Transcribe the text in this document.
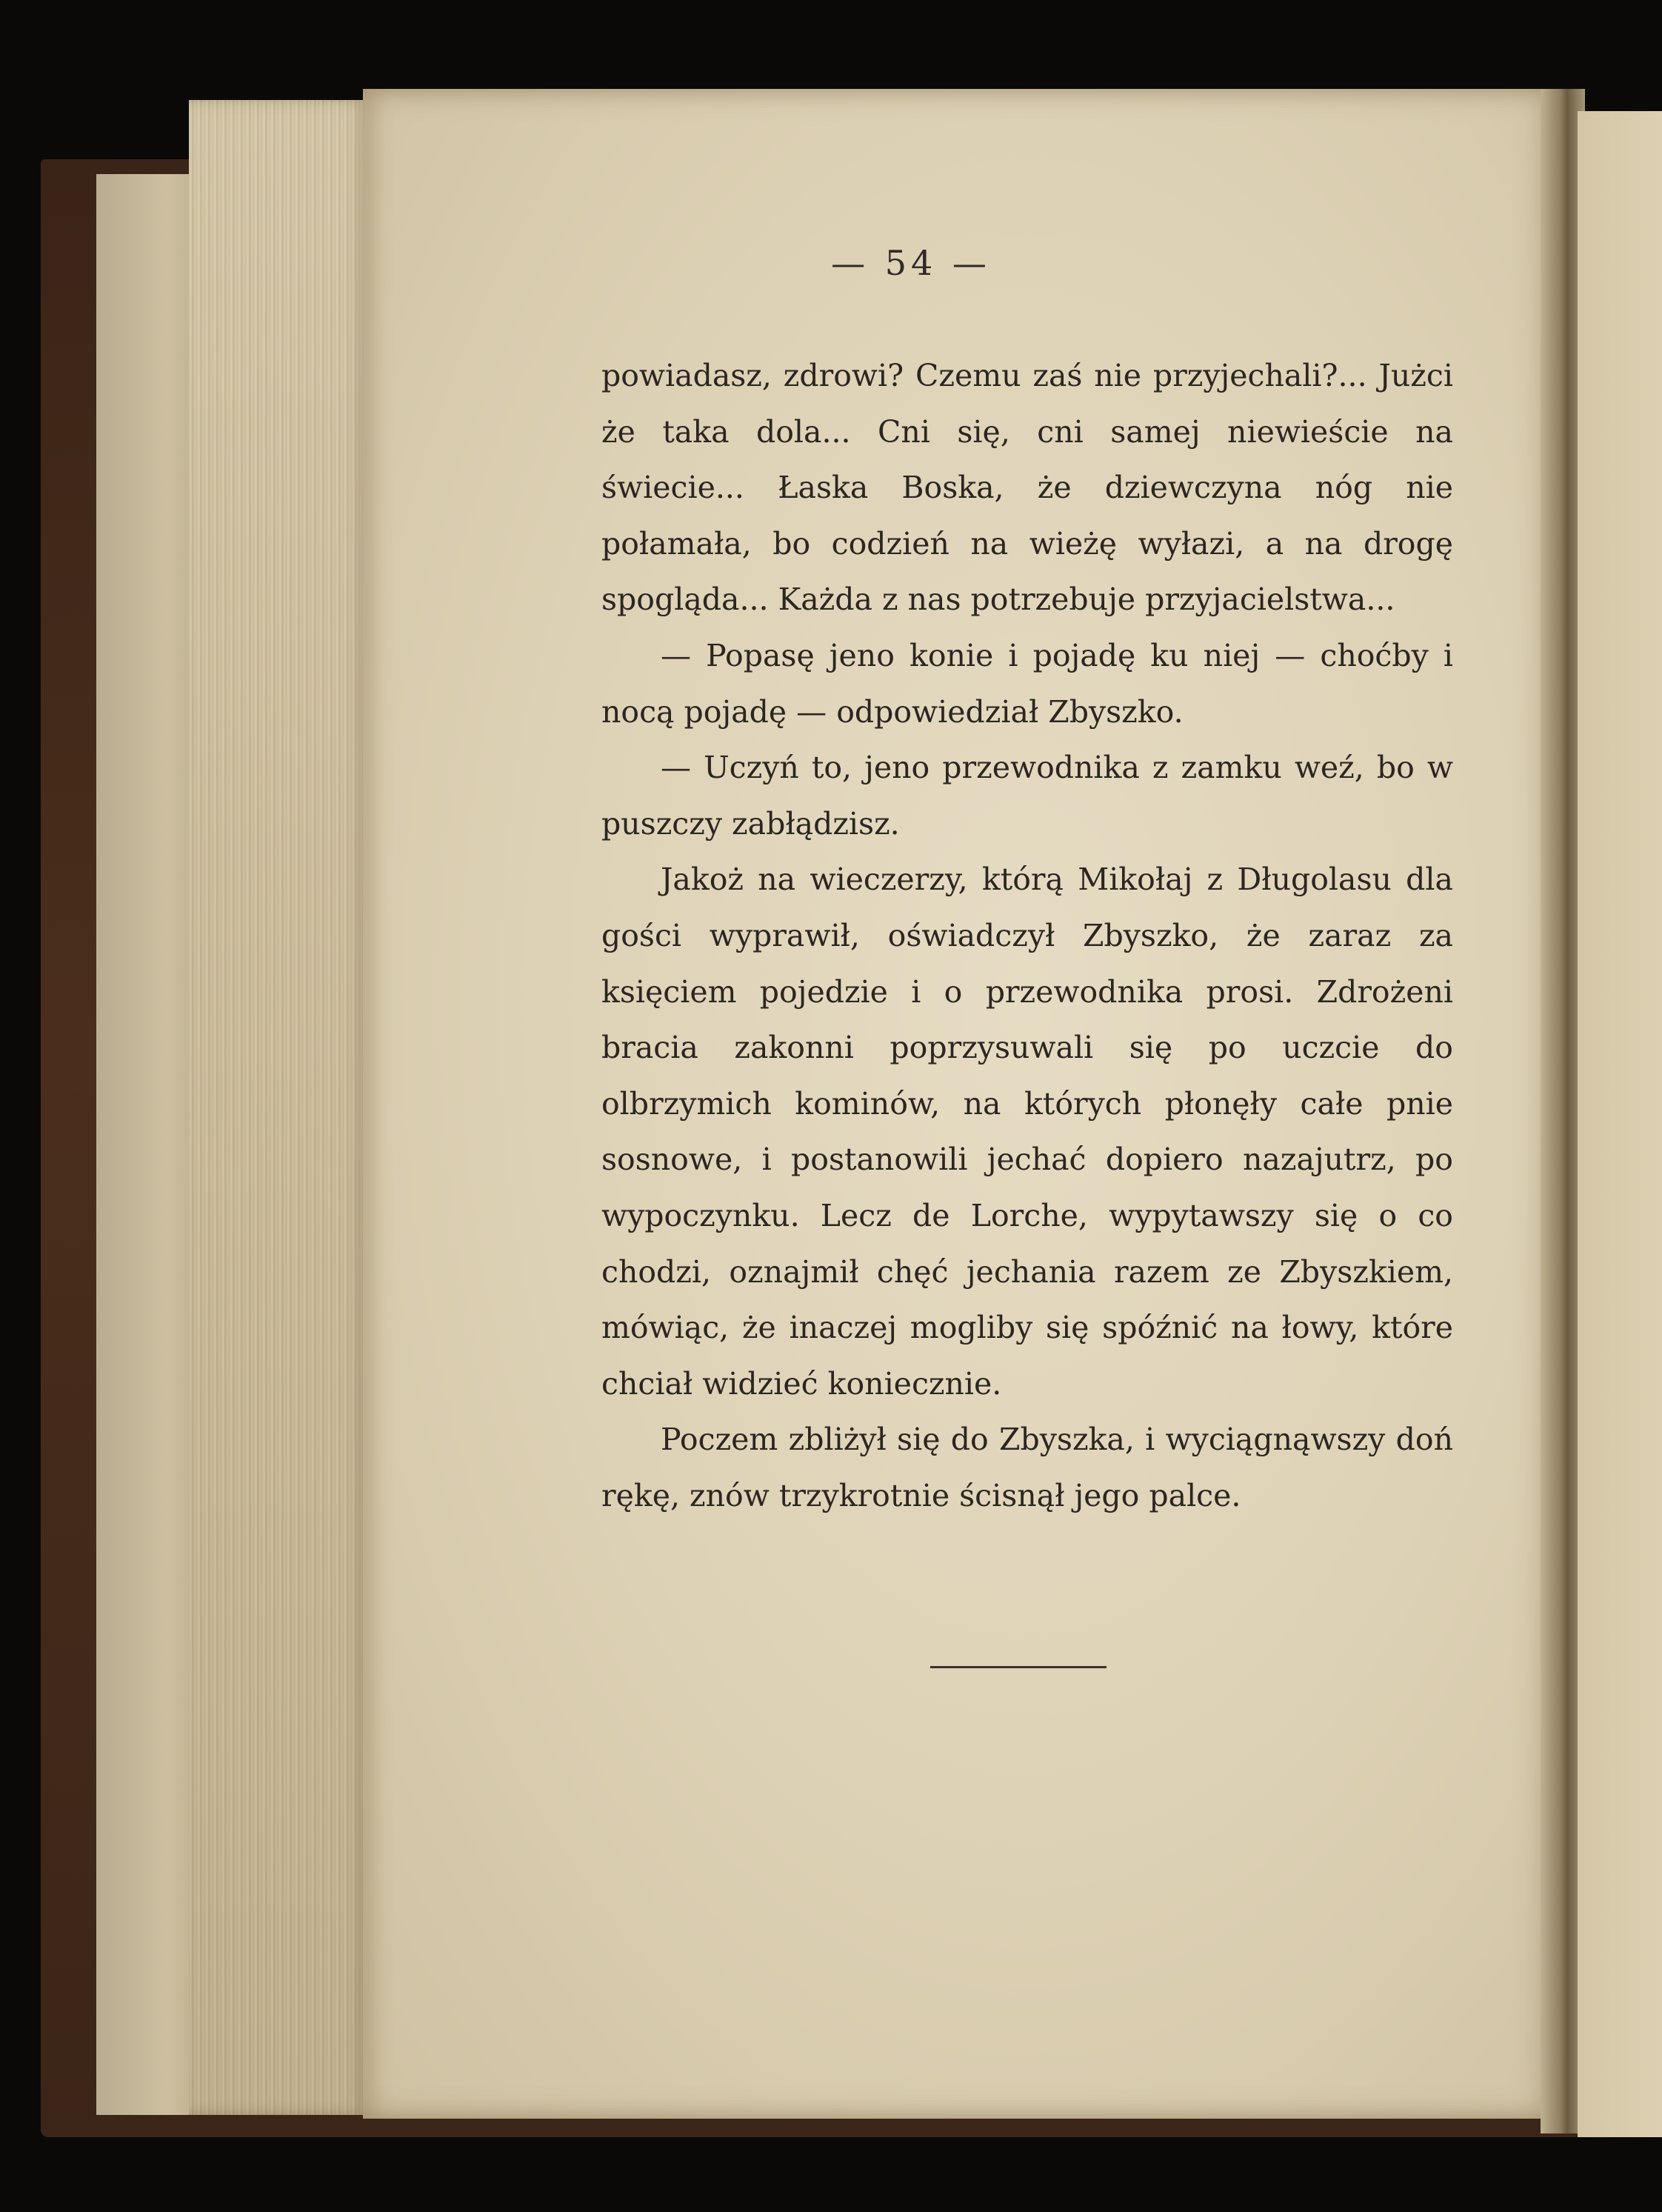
— 54 —

powiadasz, zdrowi? Czemu zaś nie przyjechali?... Jużci że taka dola... Cni się, cni samej niewieście na świecie... Łaska Boska, że dziewczyna nóg nie połamała, bo codzień na wieżę wyłazi, a na drogę spogląda... Każda z nas potrzebuje przyjacielstwa...

— Popasę jeno konie i pojadę ku niej — choćby i nocą pojadę — odpowiedział Zbyszko.

— Uczyń to, jeno przewodnika z zamku weź, bo w puszczy zabłądzisz.

Jakoż na wieczerzy, którą Mikołaj z Długolasu dla gości wyprawił, oświadczył Zbyszko, że zaraz za księciem pojedzie i o przewodnika prosi. Zdrożeni bracia zakonni poprzysuwali się po uczcie do olbrzymich kominów, na których płonęły całe pnie sosnowe, i postanowili jechać dopiero nazajutrz, po wypoczynku. Lecz de Lorche, wypytawszy się o co chodzi, oznajmił chęć jechania razem ze Zbyszkiem, mówiąc, że inaczej mogliby się spóźnić na łowy, które chciał widzieć koniecznie.

Poczem zbliżył się do Zbyszka, i wyciągnąwszy doń rękę, znów trzykrotnie ścisnął jego palce.
